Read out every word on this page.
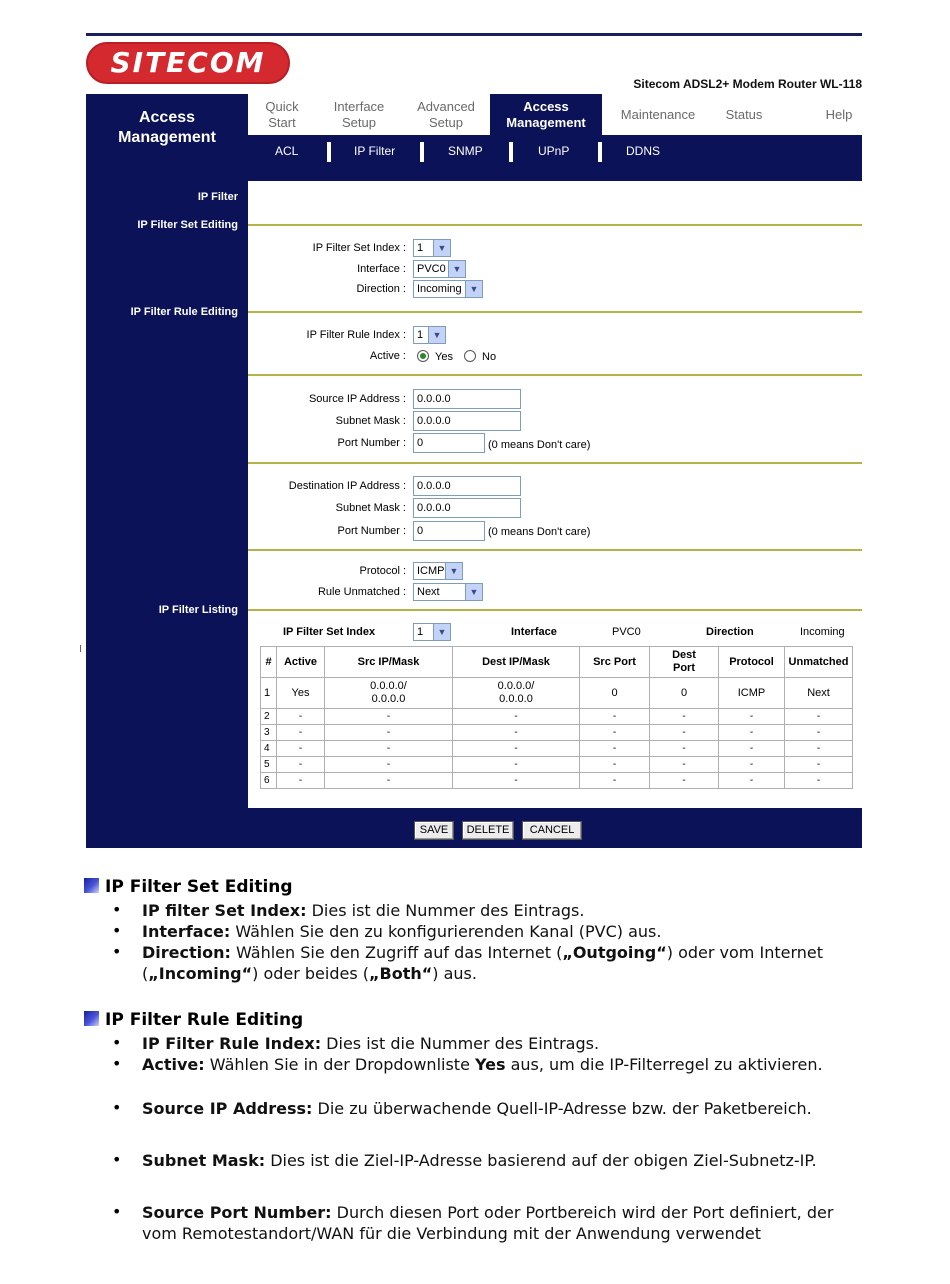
SITECOM
Sitecom ADSL2+ Modem Router WL-118
Access
Management
Quick
Start
Interface
Setup
Advanced
Setup
Access
Management
Maintenance	Status	Help
ACL	IP Filter	SNMP	UPnP	DDNS
IP Filter
IP Filter Set Editing
IP Filter Rule Editing
IP Filter Listing
IP Filter Set Index :	1	▼
Interface :	PVC0 ▼
Direction :	Incoming ▼
IP Filter Rule Index :	1	▼
Active :	Yes	No
Source IP Address :	0.0.0.0
Subnet Mask :	0.0.0.0
Port Number :	0	(0 means Don't care)
Destination IP Address :	0.0.0.0
Subnet Mask :	0.0.0.0
Port Number :	0	(0 means Don't care)
Protocol :	ICMP ▼
Rule Unmatched :	Next	▼
IP Filter Set Index	1	▼	Interface	PVC0	Direction	Incoming
#	Active	Src IP/Mask	Dest IP/Mask	Src Port	Dest
Port	Protocol	Unmatched
1	Yes	0.0.0.0/
0.0.0.0	0.0.0.0/
0.0.0.0	0	0	ICMP	Next
2	-	-	-	-	-	-	-
3	-	-	-	-	-	-	-
4	-	-	-	-	-	-	-
5	-	-	-	-	-	-	-
6	-	-	-	-	-	-	-
SAVE	DELETE	CANCEL
IP Filter Set Editing
• IP filter Set Index: Dies ist die Nummer des Eintrags.
• Interface: Wählen Sie den zu konfigurierenden Kanal (PVC) aus.
• Direction: Wählen Sie den Zugriff auf das Internet („Outgoing“) oder vom Internet („Incoming“) oder beides („Both“) aus.
IP Filter Rule Editing
• IP Filter Rule Index: Dies ist die Nummer des Eintrags.
• Active: Wählen Sie in der Dropdownliste Yes aus, um die IP-Filterregel zu aktivieren.
• Source IP Address: Die zu überwachende Quell-IP-Adresse bzw. der Paketbereich.
• Subnet Mask: Dies ist die Ziel-IP-Adresse basierend auf der obigen Ziel-Subnetz-IP.
• Source Port Number: Durch diesen Port oder Portbereich wird der Port definiert, der vom Remotestandort/WAN für die Verbindung mit der Anwendung verwendet
